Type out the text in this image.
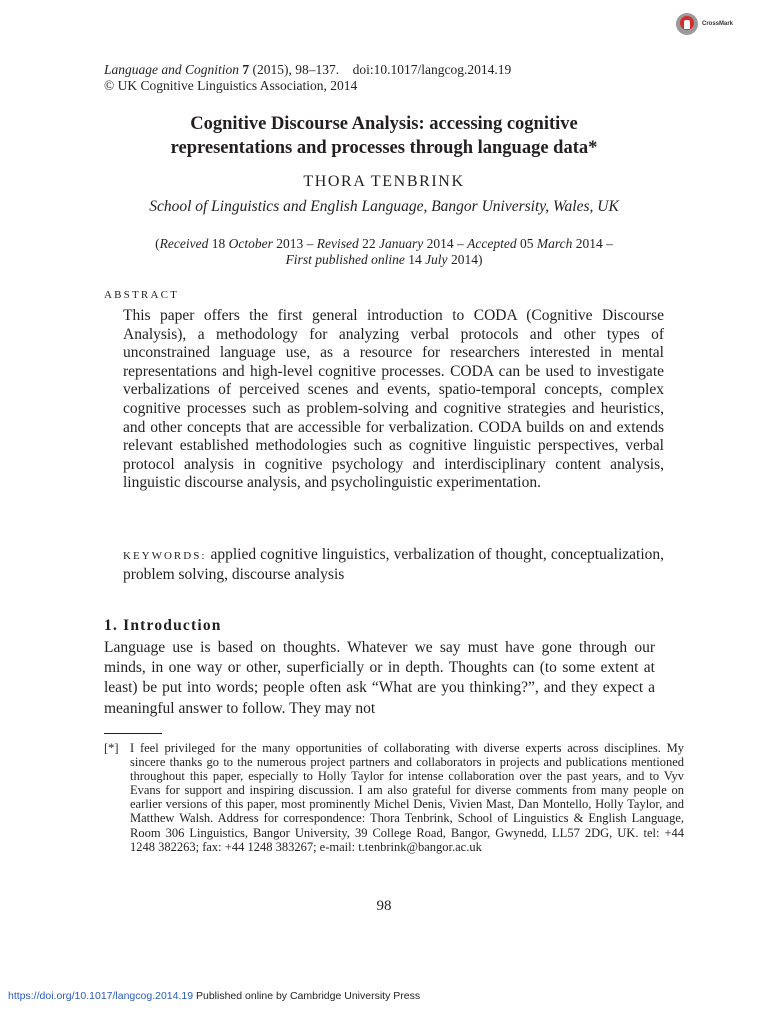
CrossMark
Language and Cognition 7 (2015), 98–137. doi:10.1017/langcog.2014.19
© UK Cognitive Linguistics Association, 2014
Cognitive Discourse Analysis: accessing cognitive
representations and processes through language data*
THORA TENBRINK
School of Linguistics and English Language, Bangor University, Wales, UK
(Received 18 October 2013 – Revised 22 January 2014 – Accepted 05 March 2014 –
First published online 14 July 2014)
ABSTRACT
This paper offers the first general introduction to CODA (Cognitive Discourse Analysis), a methodology for analyzing verbal protocols and other types of unconstrained language use, as a resource for researchers interested in mental representations and high-level cognitive processes. CODA can be used to investigate verbalizations of perceived scenes and events, spatio-temporal concepts, complex cognitive processes such as problem-solving and cognitive strategies and heuristics, and other concepts that are accessible for verbalization. CODA builds on and extends relevant established methodologies such as cognitive linguistic perspectives, verbal protocol analysis in cognitive psychology and interdisciplinary content analysis, linguistic discourse analysis, and psycholinguistic experimentation.
KEYWORDS: applied cognitive linguistics, verbalization of thought, conceptualization, problem solving, discourse analysis
1. Introduction
Language use is based on thoughts. Whatever we say must have gone through our minds, in one way or other, superficially or in depth. Thoughts can (to some extent at least) be put into words; people often ask “What are you thinking?”, and they expect a meaningful answer to follow. They may not
[*] I feel privileged for the many opportunities of collaborating with diverse experts across disciplines. My sincere thanks go to the numerous project partners and collaborators in projects and publications mentioned throughout this paper, especially to Holly Taylor for intense collaboration over the past years, and to Vyv Evans for support and inspiring discussion. I am also grateful for diverse comments from many people on earlier versions of this paper, most prominently Michel Denis, Vivien Mast, Dan Montello, Holly Taylor, and Matthew Walsh. Address for correspondence: Thora Tenbrink, School of Linguistics & English Language, Room 306 Linguistics, Bangor University, 39 College Road, Bangor, Gwynedd, LL57 2DG, UK. tel: +44 1248 382263; fax: +44 1248 383267; e-mail: t.tenbrink@bangor.ac.uk
98
https://doi.org/10.1017/langcog.2014.19 Published online by Cambridge University Press
